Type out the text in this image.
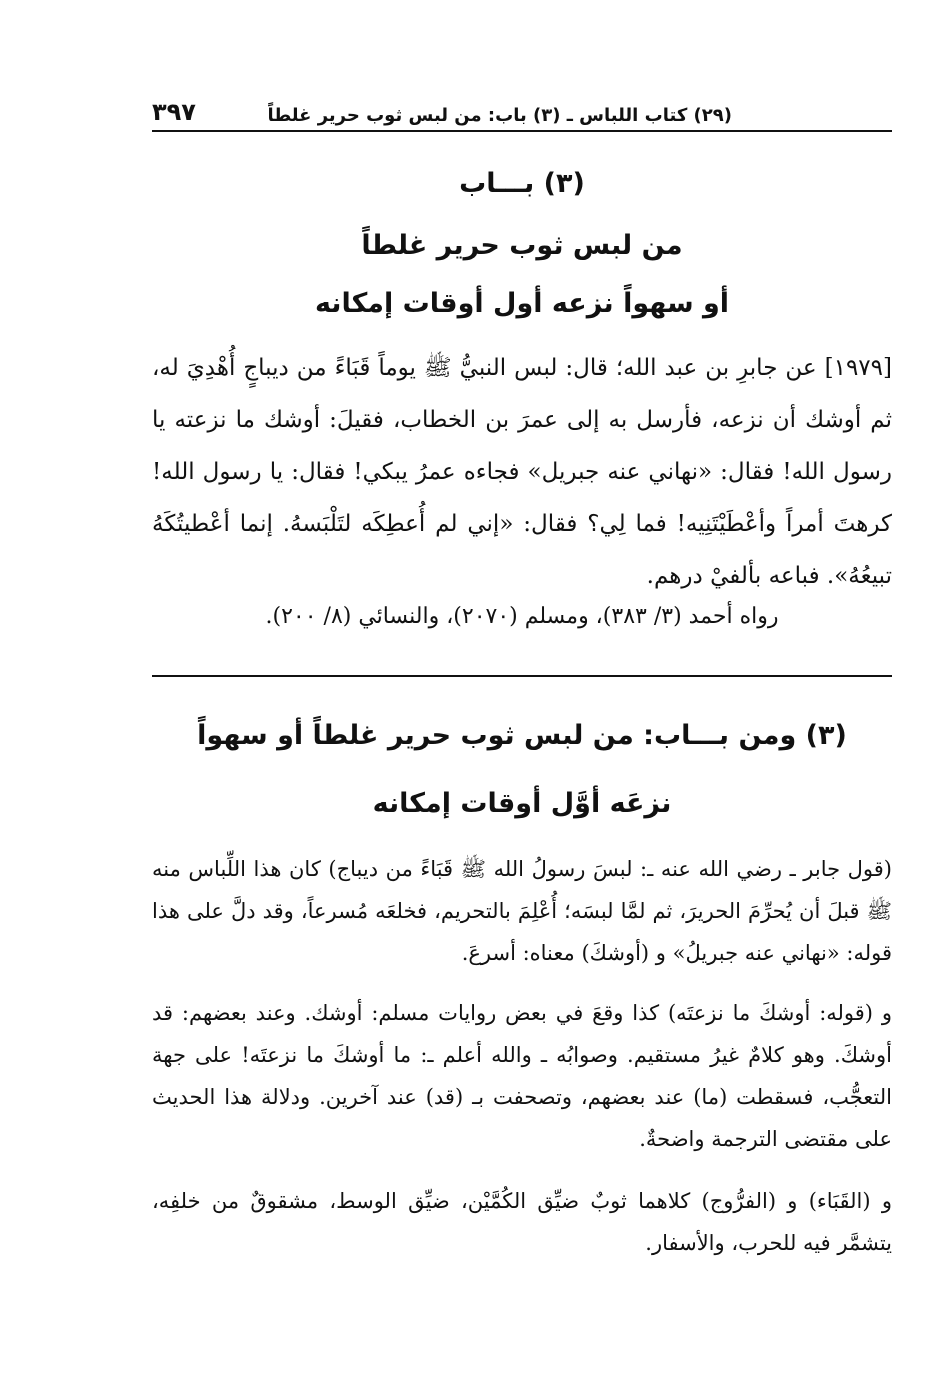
(٢٩) كتاب اللباس ـ (٣) باب: من لبس ثوب حرير غلطاً
٣٩٧
(٣) بـــاب
من لبس ثوب حرير غلطاً
أو سهواً نزعه أول أوقات إمكانه

[١٩٧٩] عن جابرِ بن عبد الله؛ قال: لبس النبيُّ ﷺ يوماً قَبَاءً من ديباجٍ أُهْدِيَ له، ثم أوشك أن نزعه، فأرسل به إلى عمرَ بن الخطاب، فقيلَ: أوشك ما نزعته يا رسول الله! فقال: «نهاني عنه جبريل» فجاءه عمرُ يبكي! فقال: يا رسول الله! كرهتَ أمراً وأعْطَيْتَنِيه! فما لِي؟ فقال: «إني لم أُعطِكَه لتَلْبَسهُ. إنما أعْطيتُكَهُ تبيعُهُ». فباعه بألفيْ درهم.

رواه أحمد (٣/ ٣٨٣)، ومسلم (٢٠٧٠)، والنسائي (٨/ ٢٠٠).

(٣) ومن بـــاب: من لبس ثوب حرير غلطاً أو سهواً
نزعَه أوَّل أوقات إمكانه

(قول جابر ـ رضي الله عنه ـ: لبسَ رسولُ الله ﷺ قَبَاءً من ديباج) كان هذا اللِّباس منه ﷺ قبلَ أن يُحرِّمَ الحريرَ، ثم لمَّا لبسَه؛ أُعْلِمَ بالتحريم، فخلعَه مُسرعاً، وقد دلَّ على هذا قوله: «نهاني عنه جبريلُ» و (أوشكَ) معناه: أسرعَ.

و (قوله: أوشكَ ما نزعتَه) كذا وقعَ في بعض روايات مسلم: أوشك. وعند بعضهم: قد أوشكَ. وهو كلامٌ غيرُ مستقيم. وصوابُه ـ والله أعلم ـ: ما أوشكَ ما نزعتَه! على جهة التعجُّب، فسقطت (ما) عند بعضهم، وتصحفت بـ (قد) عند آخرين. ودلالة هذا الحديث على مقتضى الترجمة واضحةٌ.

و (القَبَاء) و (الفرُّوج) كلاهما ثوبٌ ضيِّق الكُمَّيْن، ضيِّق الوسط، مشقوقٌ من خلفِه، يتشمَّر فيه للحرب، والأسفار.
